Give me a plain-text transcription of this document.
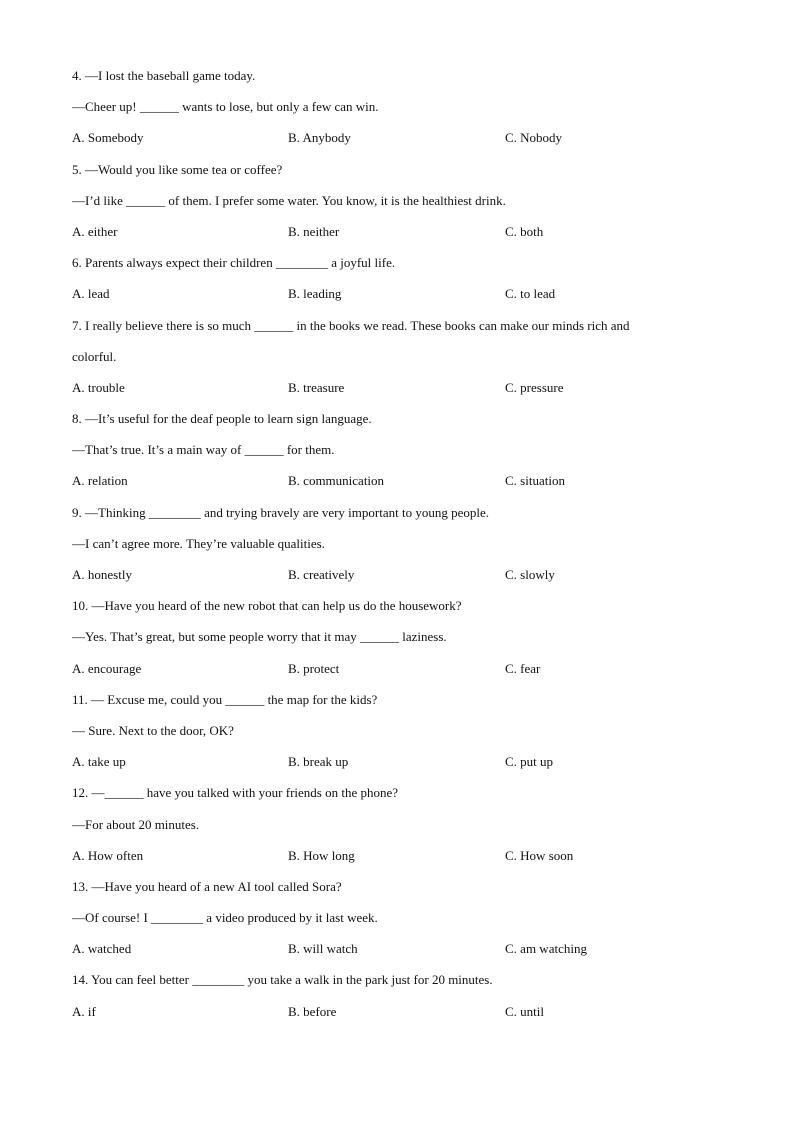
4. —I lost the baseball game today.
—Cheer up! ______ wants to lose, but only a few can win.
A. Somebody	B. Anybody	C. Nobody
5. —Would you like some tea or coffee?
—I’d like ______ of them. I prefer some water. You know, it is the healthiest drink.
A. either	B. neither	C. both
6. Parents always expect their children ________ a joyful life.
A. lead	B. leading	C. to lead
7. I really believe there is so much ______ in the books we read. These books can make our minds rich and
colorful.
A. trouble	B. treasure	C. pressure
8. —It’s useful for the deaf people to learn sign language.
—That’s true. It’s a main way of ______ for them.
A. relation	B. communication	C. situation
9. —Thinking ________ and trying bravely are very important to young people.
—I can’t agree more. They’re valuable qualities.
A. honestly	B. creatively	C. slowly
10. —Have you heard of the new robot that can help us do the housework?
—Yes. That’s great, but some people worry that it may ______ laziness.
A. encourage	B. protect	C. fear
11. — Excuse me, could you ______ the map for the kids?
— Sure. Next to the door, OK?
A. take up	B. break up	C. put up
12. —______ have you talked with your friends on the phone?
—For about 20 minutes.
A. How often	B. How long	C. How soon
13. —Have you heard of a new AI tool called Sora?
—Of course! I ________ a video produced by it last week.
A. watched	B. will watch	C. am watching
14. You can feel better ________ you take a walk in the park just for 20 minutes.
A. if	B. before	C. until
